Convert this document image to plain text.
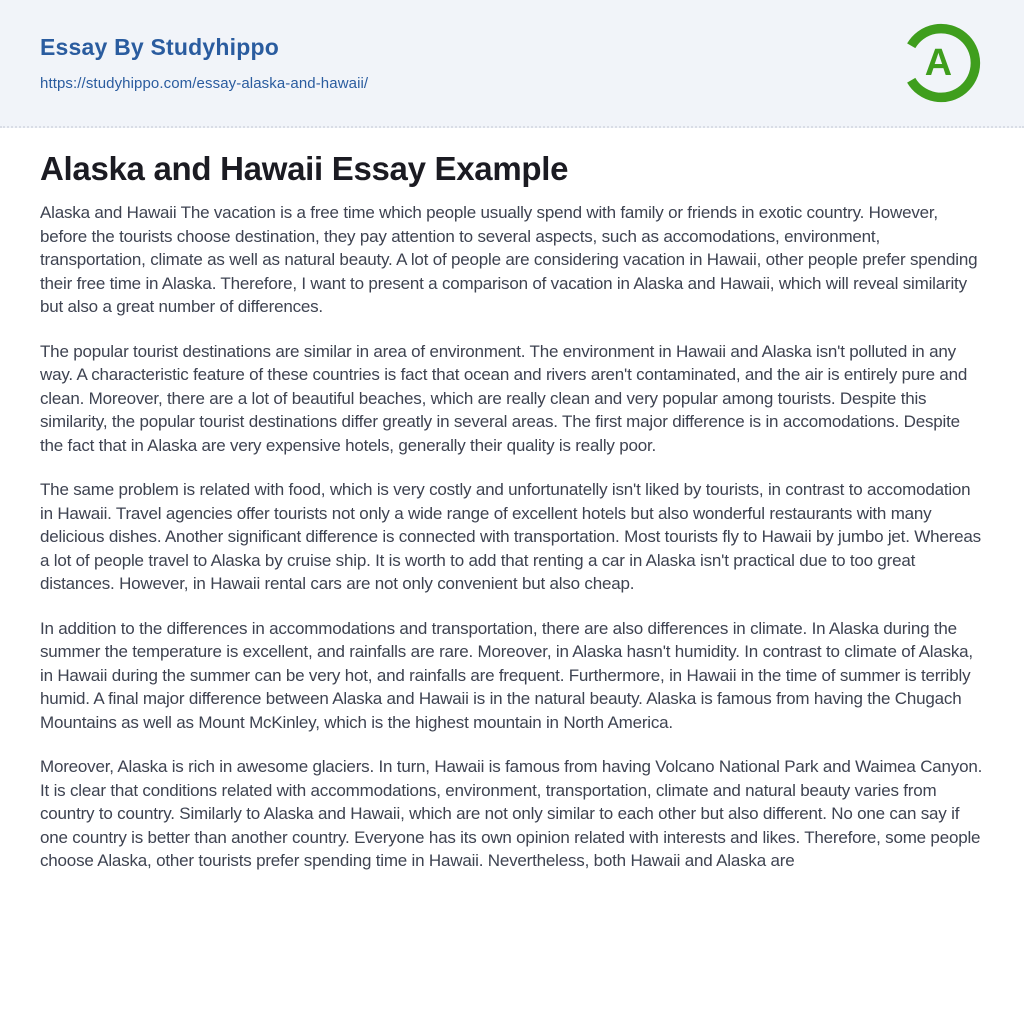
Essay By Studyhippo
https://studyhippo.com/essay-alaska-and-hawaii/	A
Alaska and Hawaii Essay Example

Alaska and Hawaii The vacation is a free time which people usually spend with family or friends in exotic country. However, before the tourists choose destination, they pay attention to several aspects, such as accomodations, environment, transportation, climate as well as natural beauty. A lot of people are considering vacation in Hawaii, other people prefer spending their free time in Alaska. Therefore, I want to present a comparison of vacation in Alaska and Hawaii, which will reveal similarity but also a great number of differences.

The popular tourist destinations are similar in area of environment. The environment in Hawaii and Alaska isn't polluted in any way. A characteristic feature of these countries is fact that ocean and rivers aren't contaminated, and the air is entirely pure and clean. Moreover, there are a lot of beautiful beaches, which are really clean and very popular among tourists. Despite this similarity, the popular tourist destinations differ greatly in several areas. The first major difference is in accomodations. Despite the fact that in Alaska are very expensive hotels, generally their quality is really poor.

The same problem is related with food, which is very costly and unfortunatelly isn't liked by tourists, in contrast to accomodation in Hawaii. Travel agencies offer tourists not only a wide range of excellent hotels but also wonderful restaurants with many delicious dishes. Another significant difference is connected with transportation. Most tourists fly to Hawaii by jumbo jet. Whereas a lot of people travel to Alaska by cruise ship. It is worth to add that renting a car in Alaska isn't practical due to too great distances. However, in Hawaii rental cars are not only convenient but also cheap.

In addition to the differences in accommodations and transportation, there are also differences in climate. In Alaska during the summer the temperature is excellent, and rainfalls are rare. Moreover, in Alaska hasn't humidity. In contrast to climate of Alaska, in Hawaii during the summer can be very hot, and rainfalls are frequent. Furthermore, in Hawaii in the time of summer is terribly humid. A final major difference between Alaska and Hawaii is in the natural beauty. Alaska is famous from having the Chugach Mountains as well as Mount McKinley, which is the highest mountain in North America.

Moreover, Alaska is rich in awesome glaciers. In turn, Hawaii is famous from having Volcano National Park and Waimea Canyon. It is clear that conditions related with accommodations, environment, transportation, climate and natural beauty varies from country to country. Similarly to Alaska and Hawaii, which are not only similar to each other but also different. No one can say if one country is better than another country. Everyone has its own opinion related with interests and likes. Therefore, some people choose Alaska, other tourists prefer spending time in Hawaii. Nevertheless, both Hawaii and Alaska are
